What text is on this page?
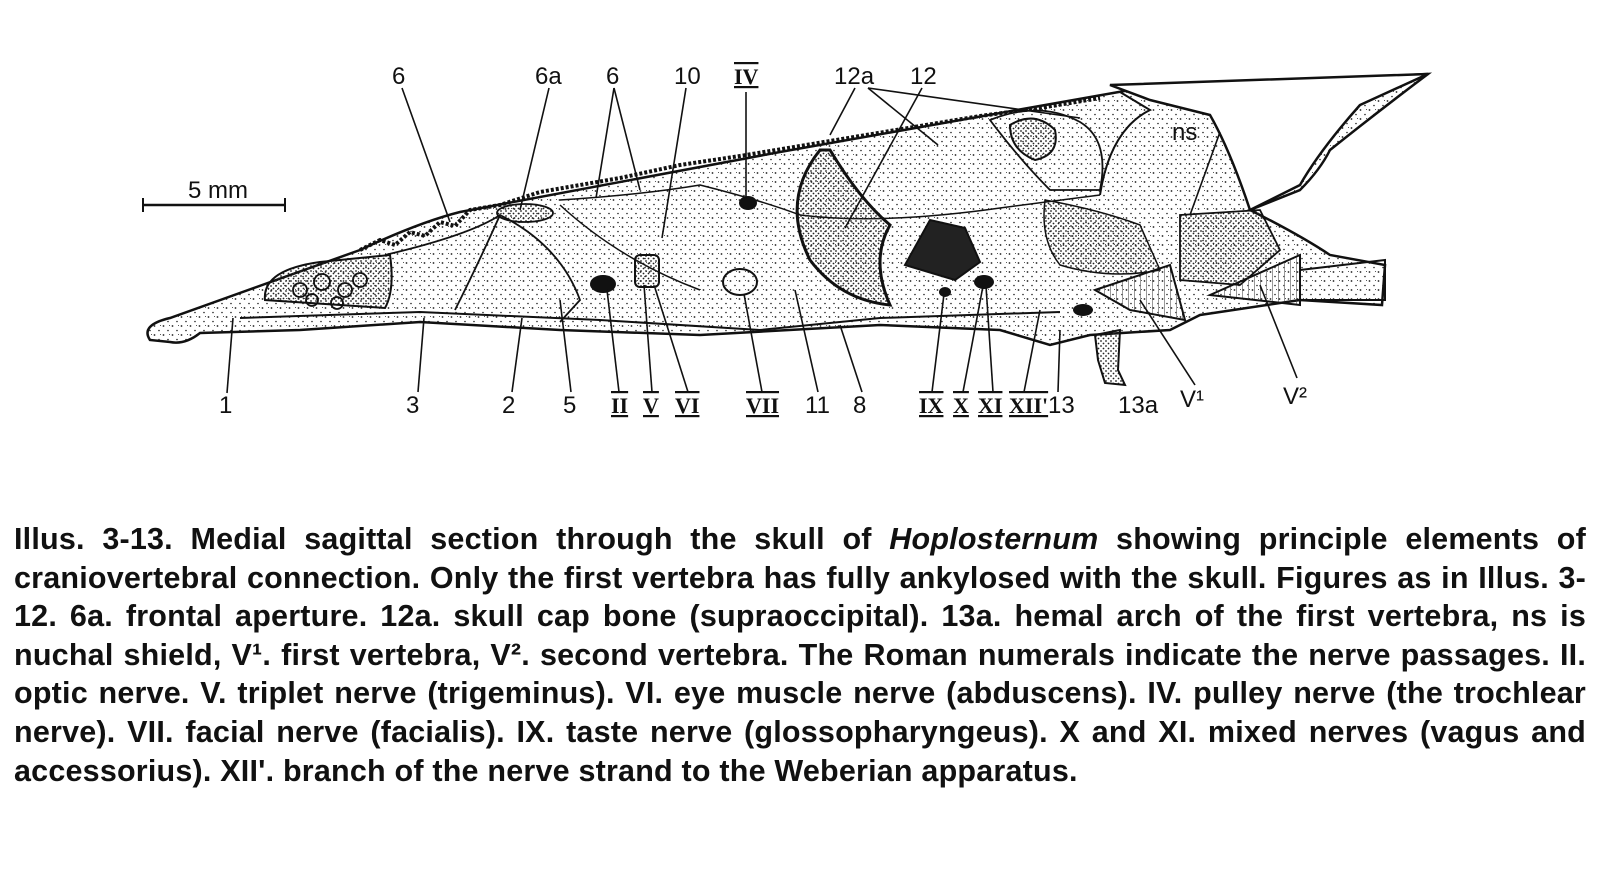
5 mm
6	6a 6 10 IV	12a 12
ns
1	3	2 5 II V VI VII 11 8 IX X XI XII' 13 13a V¹	V²
Illus. 3-13. Medial sagittal section through the skull of Hoplosternum showing principle elements of craniovertebral connection. Only the first vertebra has fully ankylosed with the skull. Figures as in Illus. 3-12. 6a. frontal aperture. 12a. skull cap bone (supraoccipital). 13a. hemal arch of the first vertebra, ns is nuchal shield, V¹. first vertebra, V². second vertebra. The Roman numerals indicate the nerve passages. II. optic nerve. V. triplet nerve (trigeminus). VI. eye muscle nerve (abduscens). IV. pulley nerve (the trochlear nerve). VII. facial nerve (facialis). IX. taste nerve (glossopharyngeus). X and XI. mixed nerves (vagus and accessorius). XII'. branch of the nerve strand to the Weberian apparatus.
